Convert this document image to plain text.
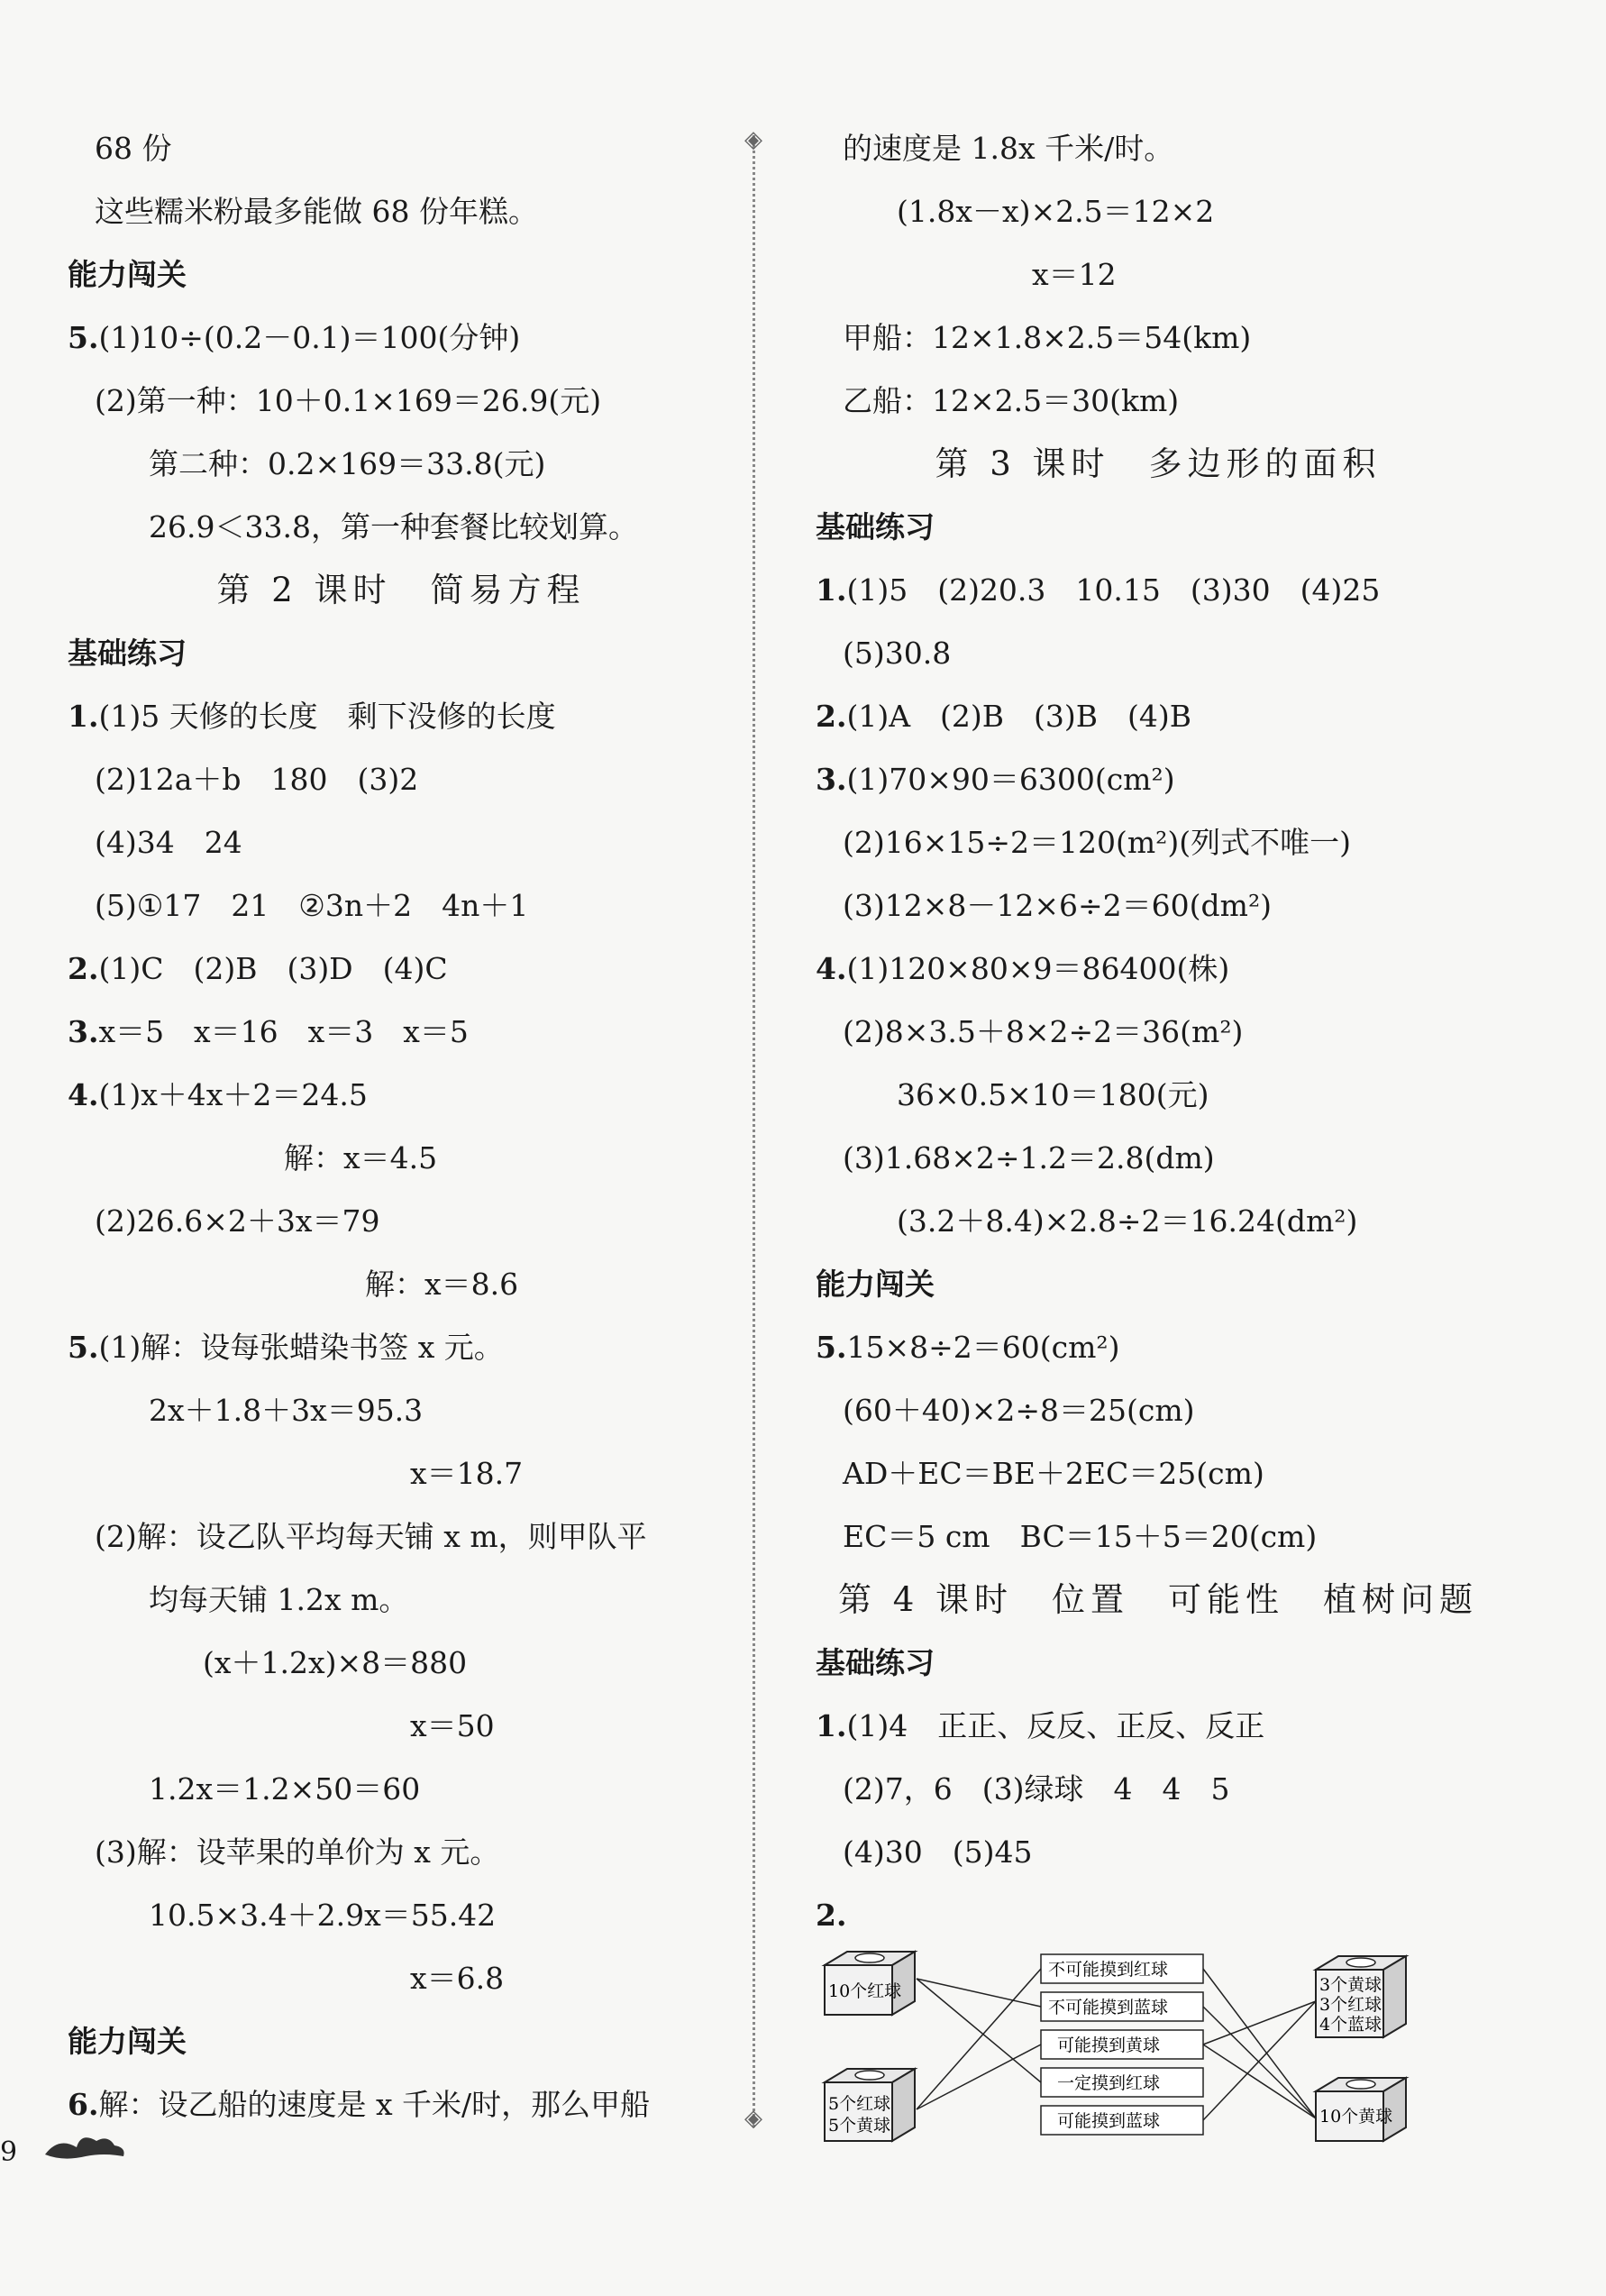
68 份
这些糯米粉最多能做 68 份年糕。
能力闯关
5.(1)10÷(0.2－0.1)＝100(分钟)
(2)第一种：10＋0.1×169＝26.9(元)
第二种：0.2×169＝33.8(元)
26.9＜33.8，第一种套餐比较划算。
第 2 课时　简易方程
基础练习
1.(1)5 天修的长度　剩下没修的长度
(2)12a＋b　180　(3)2
(4)34　24
(5)①17　21　②3n＋2　4n＋1
2.(1)C　(2)B　(3)D　(4)C
3.x＝5　x＝16　x＝3　x＝5
4.(1)x＋4x＋2＝24.5
解：x＝4.5
(2)26.6×2＋3x＝79
解：x＝8.6
5.(1)解：设每张蜡染书签 x 元。
2x＋1.8＋3x＝95.3
x＝18.7
(2)解：设乙队平均每天铺 x m，则甲队平
均每天铺 1.2x m。
(x＋1.2x)×8＝880
x＝50
1.2x＝1.2×50＝60
(3)解：设苹果的单价为 x 元。
10.5×3.4＋2.9x＝55.42
x＝6.8
能力闯关
6.解：设乙船的速度是 x 千米/时，那么甲船
的速度是 1.8x 千米/时。
(1.8x－x)×2.5＝12×2
x＝12
甲船：12×1.8×2.5＝54(km)
乙船：12×2.5＝30(km)
第 3 课时　多边形的面积
基础练习
1.(1)5　(2)20.3　10.15　(3)30　(4)25
(5)30.8
2.(1)A　(2)B　(3)B　(4)B
3.(1)70×90＝6300(cm²)
(2)16×15÷2＝120(m²)(列式不唯一)
(3)12×8－12×6÷2＝60(dm²)
4.(1)120×80×9＝86400(株)
(2)8×3.5＋8×2÷2＝36(m²)
36×0.5×10＝180(元)
(3)1.68×2÷1.2＝2.8(dm)
(3.2＋8.4)×2.8÷2＝16.24(dm²)
能力闯关
5.15×8÷2＝60(cm²)
(60＋40)×2÷8＝25(cm)
AD＋EC＝BE＋2EC＝25(cm)
EC＝5 cm　BC＝15＋5＝20(cm)
第 4 课时　位置　可能性　植树问题
基础练习
1.(1)4　正正、反反、正反、反正
(2)7，6　(3)绿球　4　4　5
(4)30　(5)45
2.
◈
◈
10个红球
5个红球
5个黄球
3个黄球
3个红球
4个蓝球
10个黄球
不可能摸到红球
不可能摸到蓝球
可能摸到黄球
一定摸到红球
可能摸到蓝球
9
